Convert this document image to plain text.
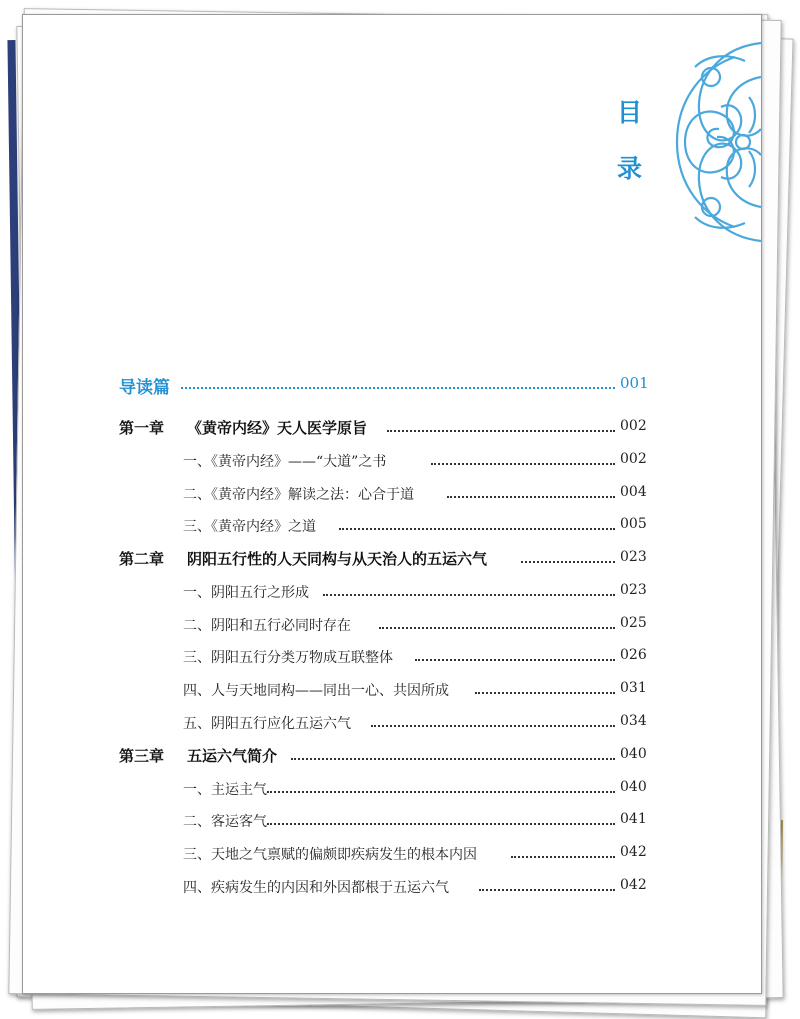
目
录
导读篇	001
第一章 《黄帝内经》天人医学原旨	002
一、《黄帝内经》——“大道”之书	002
二、《黄帝内经》解读之法：心合于道	004
三、《黄帝内经》之道	005
第二章 阴阳五行性的人天同构与从天治人的五运六气	023
一、阴阳五行之形成	023
二、阴阳和五行必同时存在	025
三、阴阳五行分类万物成互联整体	026
四、人与天地同构——同出一心、共因所成	031
五、阴阳五行应化五运六气	034
第三章 五运六气简介	040
一、主运主气	040
二、客运客气	041
三、天地之气禀赋的偏颇即疾病发生的根本内因	042
四、疾病发生的内因和外因都根于五运六气	042
